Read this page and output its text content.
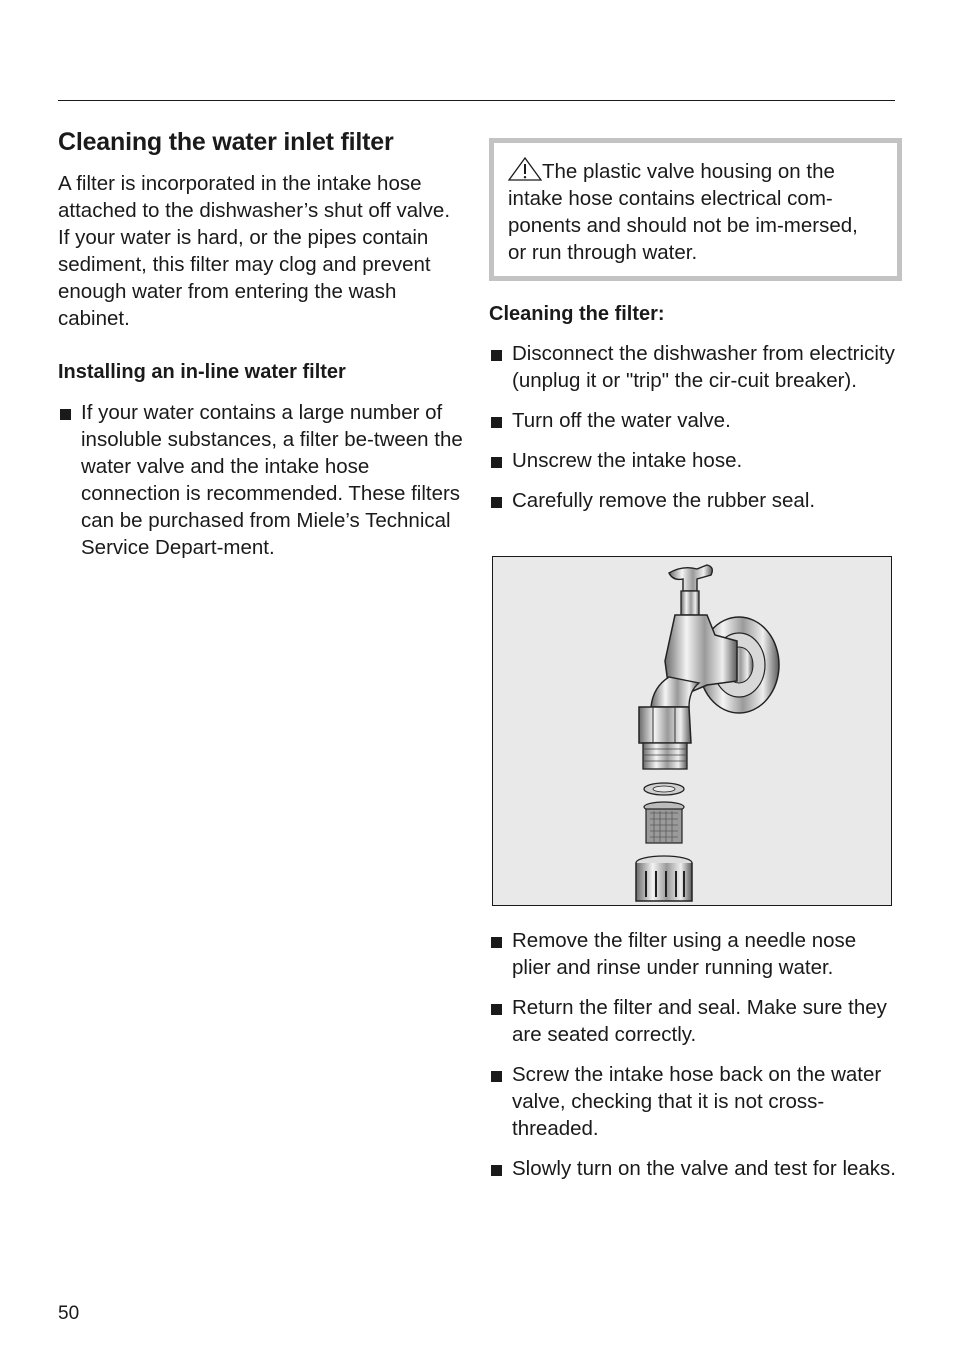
Cleaning the water inlet filter

A filter is incorporated in the intake hose attached to the dishwasher’s shut off valve. If your water is hard, or the pipes contain sediment, this filter may clog and prevent enough water from entering the wash cabinet.

Installing an in-line water filter
If your water contains a large number of insoluble substances, a filter be-tween the water valve and the intake hose connection is recommended. These filters can be purchased from Miele’s Technical Service Depart-ment.

The plastic valve housing on the intake hose contains electrical com-ponents and should not be im-mersed, or run through water.

Cleaning the filter:
Disconnect the dishwasher from electricity (unplug it or "trip" the cir-cuit breaker).
Turn off the water valve.
Unscrew the intake hose.
Carefully remove the rubber seal.
Remove the filter using a needle nose plier and rinse under running water.
Return the filter and seal. Make sure they are seated correctly.
Screw the intake hose back on the water valve, checking that it is not cross-threaded.
Slowly turn on the valve and test for leaks.
50
